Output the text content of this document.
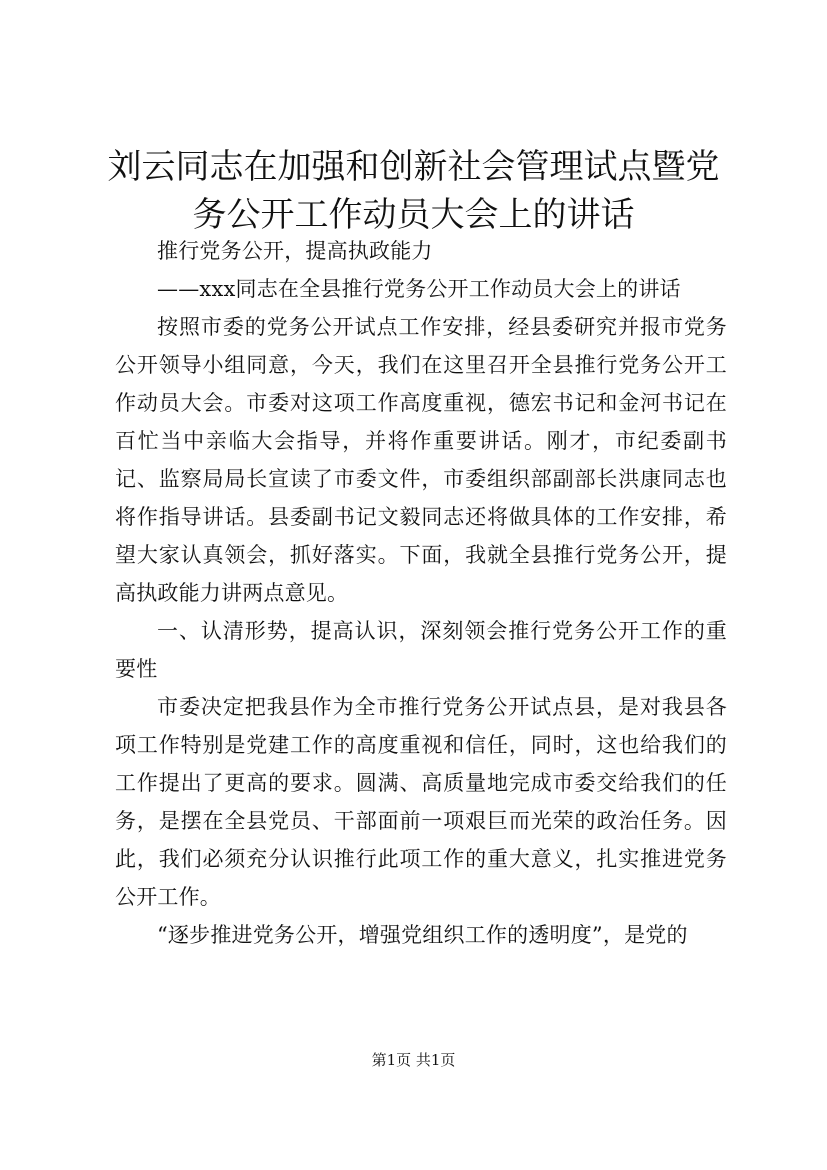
刘云同志在加强和创新社会管理试点暨党务公开工作动员大会上的讲话

推行党务公开，提高执政能力

——xxx同志在全县推行党务公开工作动员大会上的讲话

按照市委的党务公开试点工作安排，经县委研究并报市党务公开领导小组同意，今天，我们在这里召开全县推行党务公开工作动员大会。市委对这项工作高度重视，德宏书记和金河书记在百忙当中亲临大会指导，并将作重要讲话。刚才，市纪委副书记、监察局局长宣读了市委文件，市委组织部副部长洪康同志也将作指导讲话。县委副书记文毅同志还将做具体的工作安排，希望大家认真领会，抓好落实。下面，我就全县推行党务公开，提高执政能力讲两点意见。

一、认清形势，提高认识，深刻领会推行党务公开工作的重要性

市委决定把我县作为全市推行党务公开试点县，是对我县各项工作特别是党建工作的高度重视和信任，同时，这也给我们的工作提出了更高的要求。圆满、高质量地完成市委交给我们的任务，是摆在全县党员、干部面前一项艰巨而光荣的政治任务。因此，我们必须充分认识推行此项工作的重大意义，扎实推进党务公开工作。

“逐步推进党务公开，增强党组织工作的透明度”，是党的

第1页 共1页
